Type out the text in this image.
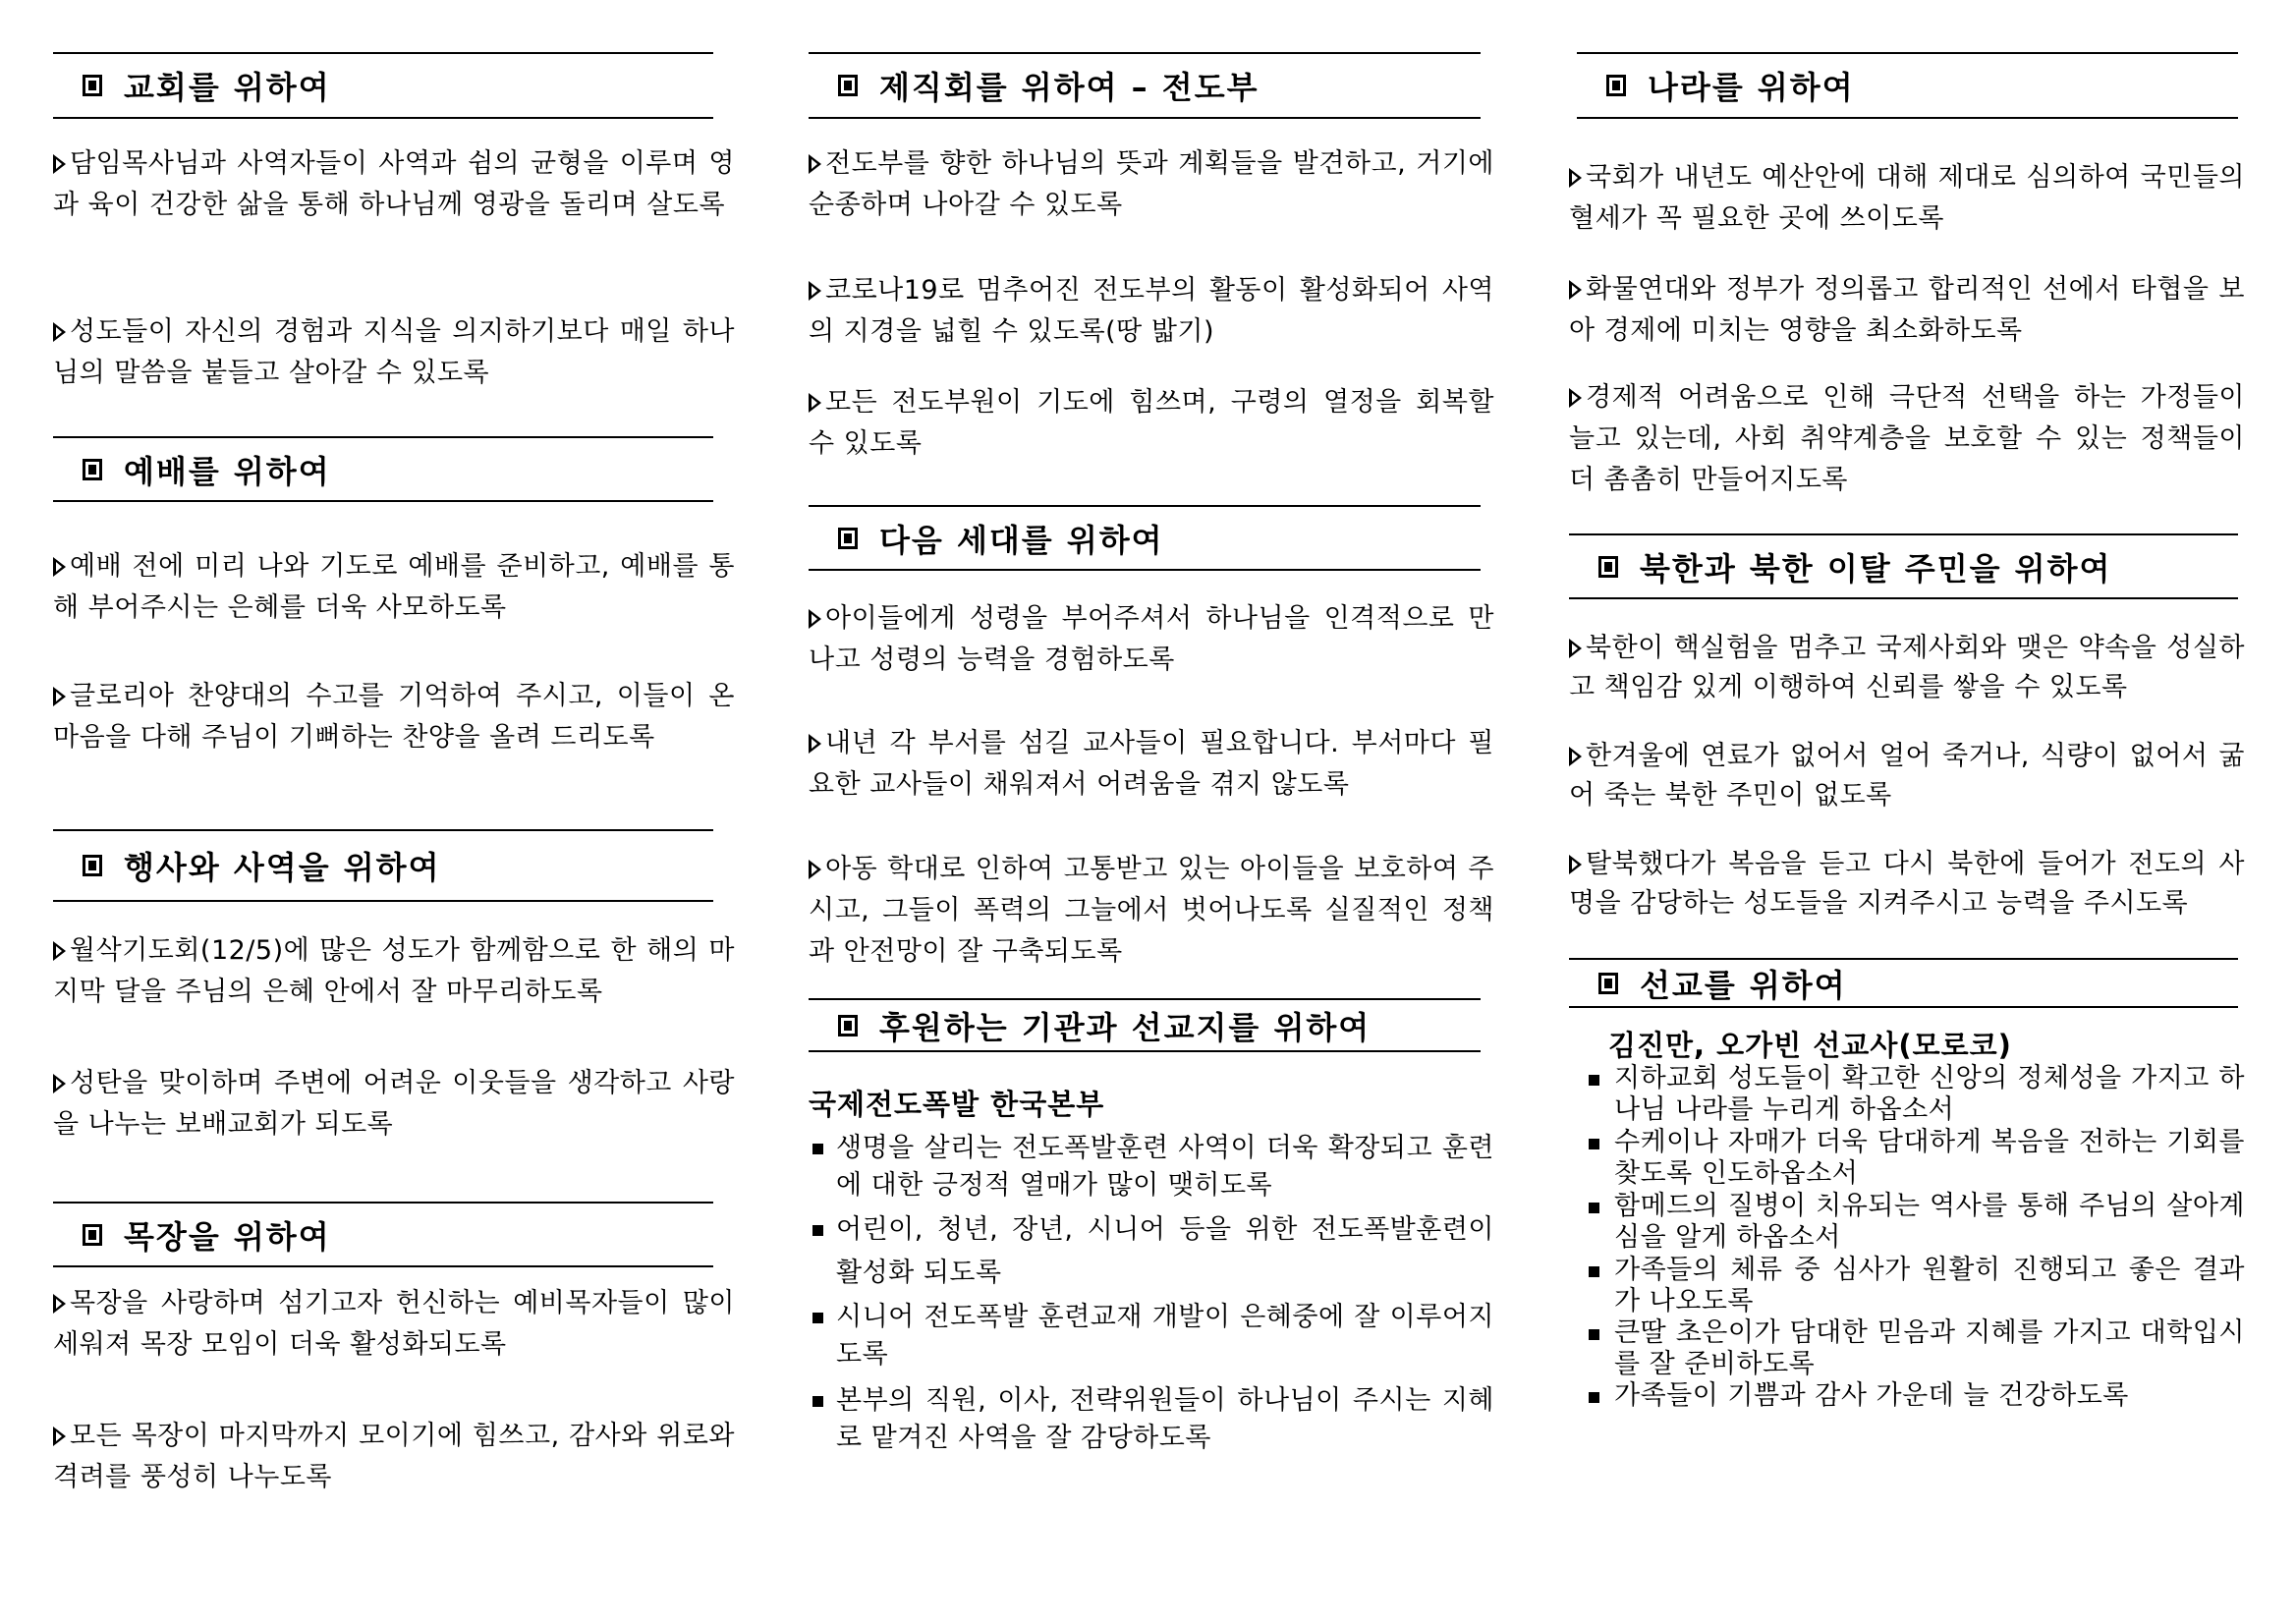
교회를 위하여
담임목사님과 사역자들이 사역과 쉼의 균형을 이루며 영과 육이 건강한 삶을 통해 하나님께 영광을 돌리며 살도록
성도들이 자신의 경험과 지식을 의지하기보다 매일 하나님의 말씀을 붙들고 살아갈 수 있도록
예배를 위하여
예배 전에 미리 나와 기도로 예배를 준비하고, 예배를 통해 부어주시는 은혜를 더욱 사모하도록
글로리아 찬양대의 수고를 기억하여 주시고, 이들이 온 마음을 다해 주님이 기뻐하는 찬양을 올려 드리도록
행사와 사역을 위하여
월삭기도회(12/5)에 많은 성도가 함께함으로 한 해의 마지막 달을 주님의 은혜 안에서 잘 마무리하도록
성탄을 맞이하며 주변에 어려운 이웃들을 생각하고 사랑을 나누는 보배교회가 되도록
목장을 위하여
목장을 사랑하며 섬기고자 헌신하는 예비목자들이 많이 세워져 목장 모임이 더욱 활성화되도록
모든 목장이 마지막까지 모이기에 힘쓰고, 감사와 위로와 격려를 풍성히 나누도록
제직회를 위하여 – 전도부
전도부를 향한 하나님의 뜻과 계획들을 발견하고, 거기에 순종하며 나아갈 수 있도록
코로나19로 멈추어진 전도부의 활동이 활성화되어 사역의 지경을 넓힐 수 있도록(땅 밟기)
모든 전도부원이 기도에 힘쓰며, 구령의 열정을 회복할 수 있도록
다음 세대를 위하여
아이들에게 성령을 부어주셔서 하나님을 인격적으로 만나고 성령의 능력을 경험하도록
내년 각 부서를 섬길 교사들이 필요합니다. 부서마다 필요한 교사들이 채워져서 어려움을 겪지 않도록
아동 학대로 인하여 고통받고 있는 아이들을 보호하여 주시고, 그들이 폭력의 그늘에서 벗어나도록 실질적인 정책과 안전망이 잘 구축되도록
후원하는 기관과 선교지를 위하여
국제전도폭발 한국본부
생명을 살리는 전도폭발훈련 사역이 더욱 확장되고 훈련에 대한 긍정적 열매가 많이 맺히도록
어린이, 청년, 장년, 시니어 등을 위한 전도폭발훈련이 활성화 되도록
시니어 전도폭발 훈련교재 개발이 은혜중에 잘 이루어지도록
본부의 직원, 이사, 전략위원들이 하나님이 주시는 지혜로 맡겨진 사역을 잘 감당하도록
나라를 위하여
국회가 내년도 예산안에 대해 제대로 심의하여 국민들의 혈세가 꼭 필요한 곳에 쓰이도록
화물연대와 정부가 정의롭고 합리적인 선에서 타협을 보아 경제에 미치는 영향을 최소화하도록
경제적 어려움으로 인해 극단적 선택을 하는 가정들이 늘고 있는데, 사회 취약계층을 보호할 수 있는 정책들이 더 촘촘히 만들어지도록
북한과 북한 이탈 주민을 위하여
북한이 핵실험을 멈추고 국제사회와 맺은 약속을 성실하고 책임감 있게 이행하여 신뢰를 쌓을 수 있도록
한겨울에 연료가 없어서 얼어 죽거나, 식량이 없어서 굶어 죽는 북한 주민이 없도록
탈북했다가 복음을 듣고 다시 북한에 들어가 전도의 사명을 감당하는 성도들을 지켜주시고 능력을 주시도록
선교를 위하여
김진만, 오가빈 선교사(모로코)
지하교회 성도들이 확고한 신앙의 정체성을 가지고 하나님 나라를 누리게 하옵소서
수케이나 자매가 더욱 담대하게 복음을 전하는 기회를 찾도록 인도하옵소서
함메드의 질병이 치유되는 역사를 통해 주님의 살아계심을 알게 하옵소서
가족들의 체류 중 심사가 원활히 진행되고 좋은 결과가 나오도록
큰딸 초은이가 담대한 믿음과 지혜를 가지고 대학입시를 잘 준비하도록
가족들이 기쁨과 감사 가운데 늘 건강하도록
